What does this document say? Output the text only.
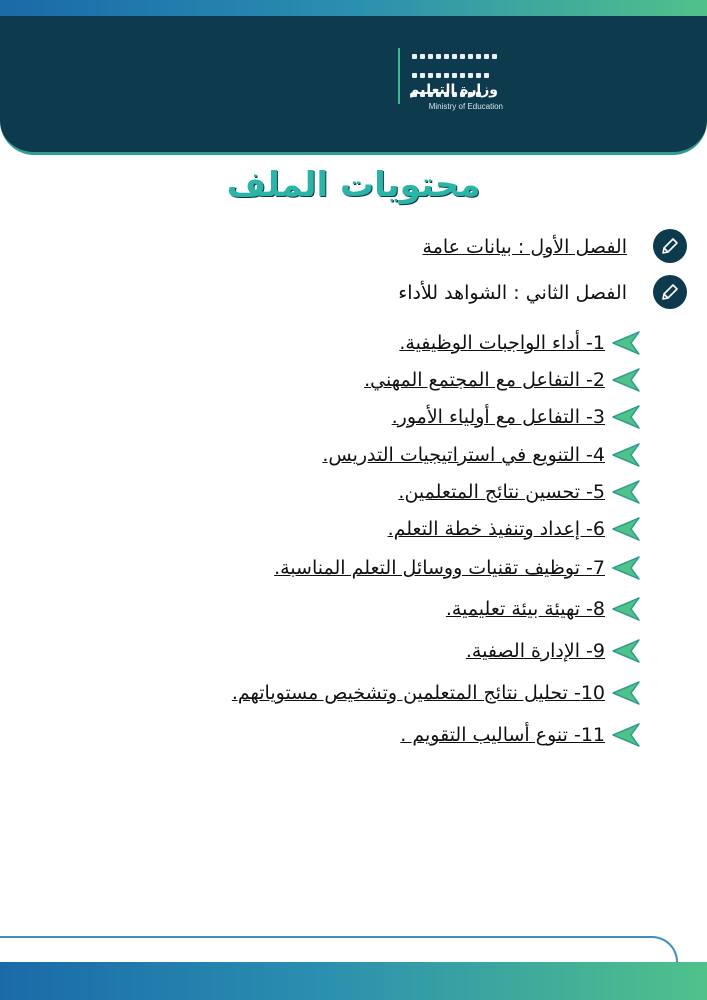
وزارة التعليم
Ministry of Education
محتويات الملف
الفصل الأول : بيانات عامة
الفصل الثاني : الشواهد للأداء
1- أداء الواجبات الوظيفية.
2- التفاعل مع المجتمع المهني.
3- التفاعل مع أولياء الأمور.
4- التنويع في استراتيجيات التدريس.
5- تحسين نتائج المتعلمين.
6- إعداد وتنفيذ خطة التعلم.
7- توظيف تقنيات ووسائل التعلم المناسبة.
8- تهيئة بيئة تعليمية.
9- الإدارة الصفية.
10- تحليل نتائج المتعلمين وتشخيص مستوياتهم.
11- تنوع أساليب التقويم .
